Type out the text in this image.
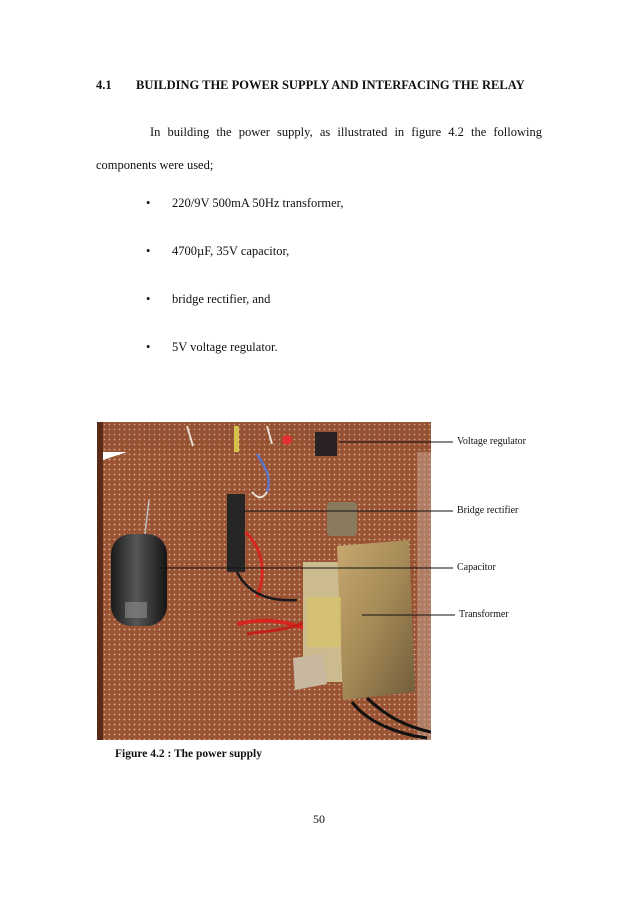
4.1 BUILDING THE POWER SUPPLY AND INTERFACING THE RELAY
In building the power supply, as illustrated in figure 4.2 the following components were used;
• 220/9V 500mA 50Hz transformer,
• 4700µF, 35V capacitor,
• bridge rectifier, and
• 5V voltage regulator.
Voltage regulator
Bridge rectifier
Capacitor
Transformer
Figure 4.2 : The power supply
50
